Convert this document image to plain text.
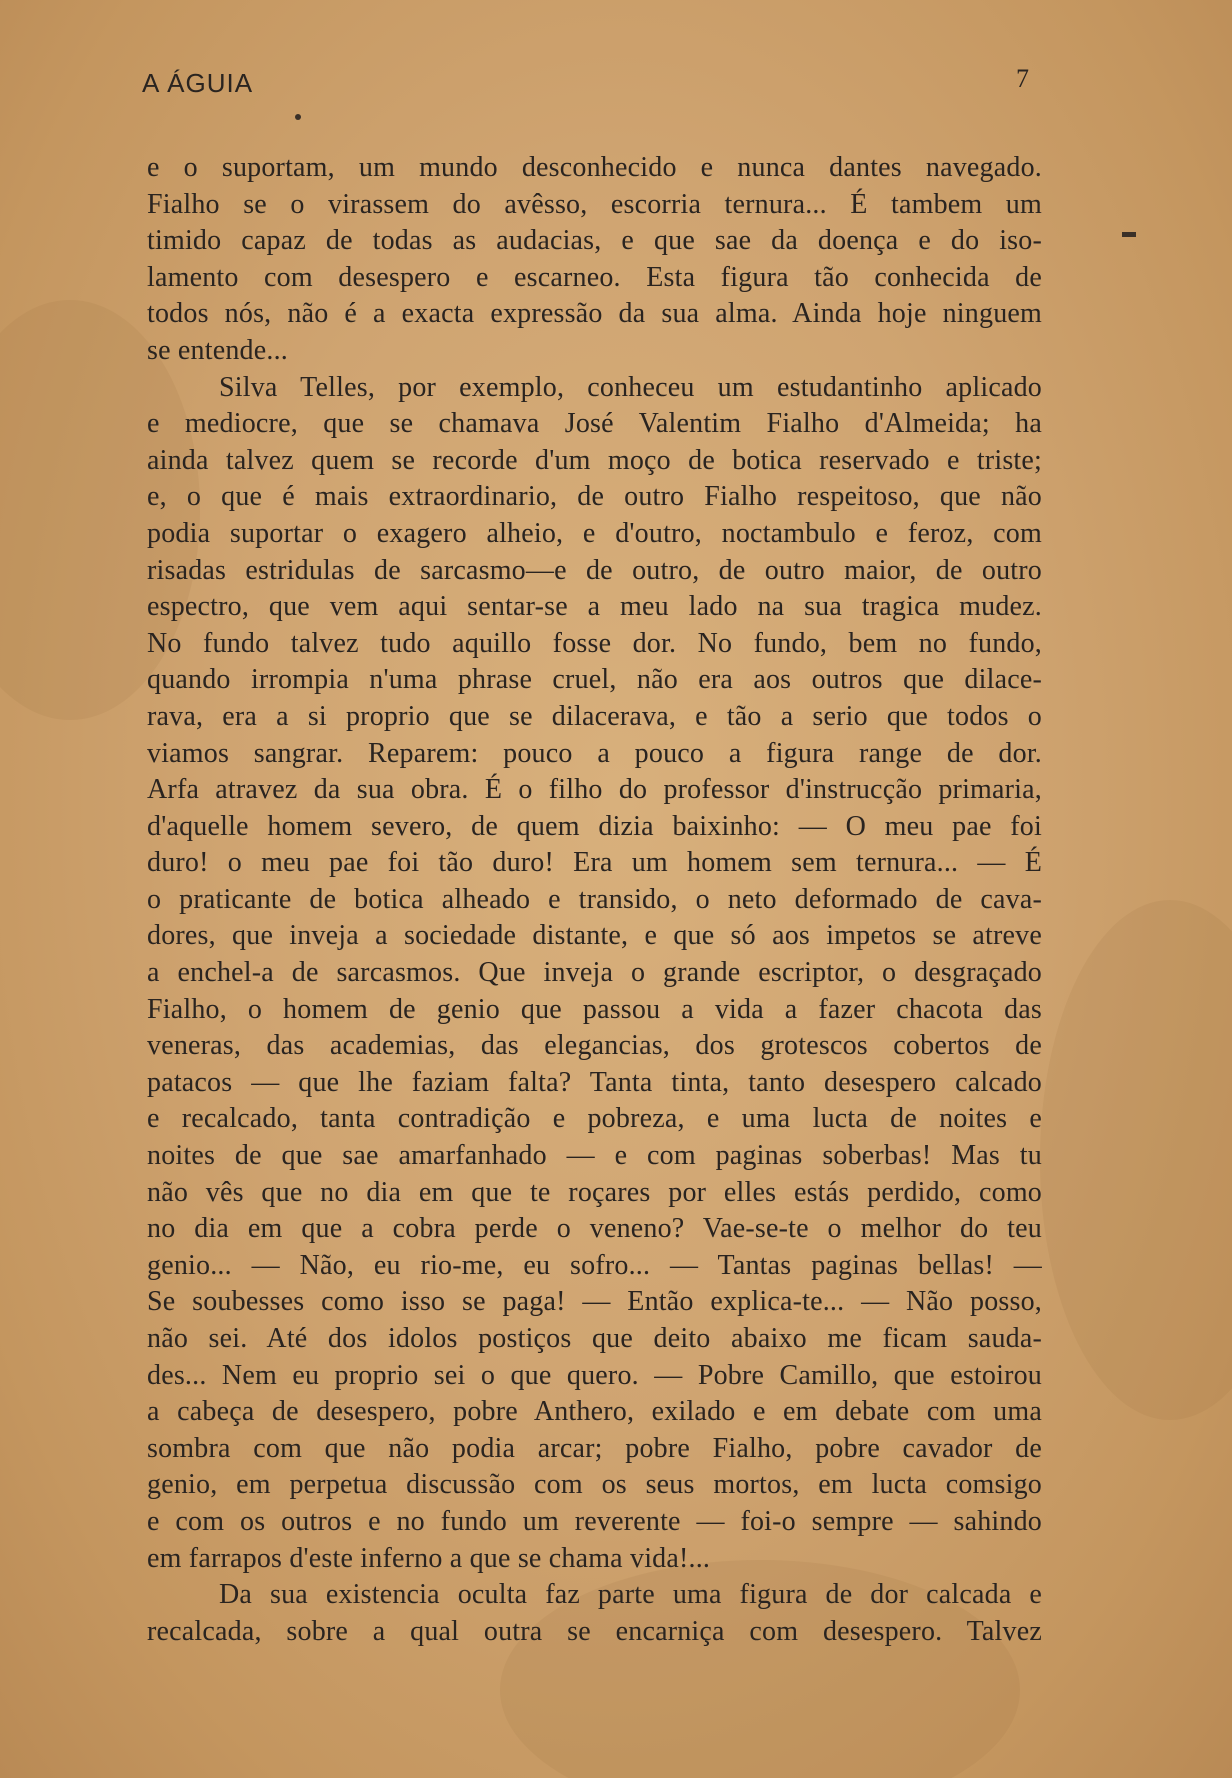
A ÁGUIA	7
e o suportam, um mundo desconhecido e nunca dantes navegado.
Fialho se o virassem do avêsso, escorria ternura... É tambem um
timido capaz de todas as audacias, e que sae da doença e do iso-
lamento com desespero e escarneo. Esta figura tão conhecida de
todos nós, não é a exacta expressão da sua alma. Ainda hoje ninguem
se entende...
Silva Telles, por exemplo, conheceu um estudantinho aplicado
e mediocre, que se chamava José Valentim Fialho d'Almeida; ha
ainda talvez quem se recorde d'um moço de botica reservado e triste;
e, o que é mais extraordinario, de outro Fialho respeitoso, que não
podia suportar o exagero alheio, e d'outro, noctambulo e feroz, com
risadas estridulas de sarcasmo—e de outro, de outro maior, de outro
espectro, que vem aqui sentar-se a meu lado na sua tragica mudez.
No fundo talvez tudo aquillo fosse dor. No fundo, bem no fundo,
quando irrompia n'uma phrase cruel, não era aos outros que dilace-
rava, era a si proprio que se dilacerava, e tão a serio que todos o
viamos sangrar. Reparem: pouco a pouco a figura range de dor.
Arfa atravez da sua obra. É o filho do professor d'instrucção primaria,
d'aquelle homem severo, de quem dizia baixinho: — O meu pae foi
duro! o meu pae foi tão duro! Era um homem sem ternura... — É
o praticante de botica alheado e transido, o neto deformado de cava-
dores, que inveja a sociedade distante, e que só aos impetos se atreve
a enchel-a de sarcasmos. Que inveja o grande escriptor, o desgraçado
Fialho, o homem de genio que passou a vida a fazer chacota das
veneras, das academias, das elegancias, dos grotescos cobertos de
patacos — que lhe faziam falta? Tanta tinta, tanto desespero calcado
e recalcado, tanta contradição e pobreza, e uma lucta de noites e
noites de que sae amarfanhado — e com paginas soberbas! Mas tu
não vês que no dia em que te roçares por elles estás perdido, como
no dia em que a cobra perde o veneno? Vae-se-te o melhor do teu
genio... — Não, eu rio-me, eu sofro... — Tantas paginas bellas! —
Se soubesses como isso se paga! — Então explica-te... — Não posso,
não sei. Até dos idolos postiços que deito abaixo me ficam sauda-
des... Nem eu proprio sei o que quero. — Pobre Camillo, que estoirou
a cabeça de desespero, pobre Anthero, exilado e em debate com uma
sombra com que não podia arcar; pobre Fialho, pobre cavador de
genio, em perpetua discussão com os seus mortos, em lucta comsigo
e com os outros e no fundo um reverente — foi-o sempre — sahindo
em farrapos d'este inferno a que se chama vida!...
Da sua existencia oculta faz parte uma figura de dor calcada e
recalcada, sobre a qual outra se encarniça com desespero. Talvez
